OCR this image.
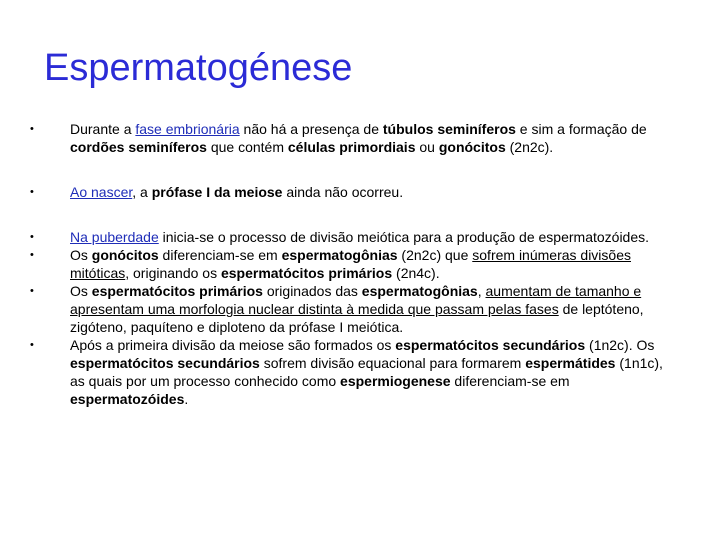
Espermatogénese
•	Durante a fase embrionária não há a presença de túbulos seminíferos e sim a formação de cordões seminíferos que contém células primordiais ou gonócitos (2n2c).
•	Ao nascer, a prófase I da meiose ainda não ocorreu.
•	Na puberdade inicia-se o processo de divisão meiótica para a produção de espermatozóides.
•	Os gonócitos diferenciam-se em espermatogônias (2n2c) que sofrem inúmeras divisões mitóticas, originando os espermatócitos primários (2n4c).
•	Os espermatócitos primários originados das espermatogônias, aumentam de tamanho e apresentam uma morfologia nuclear distinta à medida que passam pelas fases de leptóteno, zigóteno, paquíteno e diploteno da prófase I meiótica.
•	Após a primeira divisão da meiose são formados os espermatócitos secundários (1n2c). Os espermatócitos secundários sofrem divisão equacional para formarem espermátides (1n1c), as quais por um processo conhecido como espermiogenese diferenciam-se em espermatozóides.
